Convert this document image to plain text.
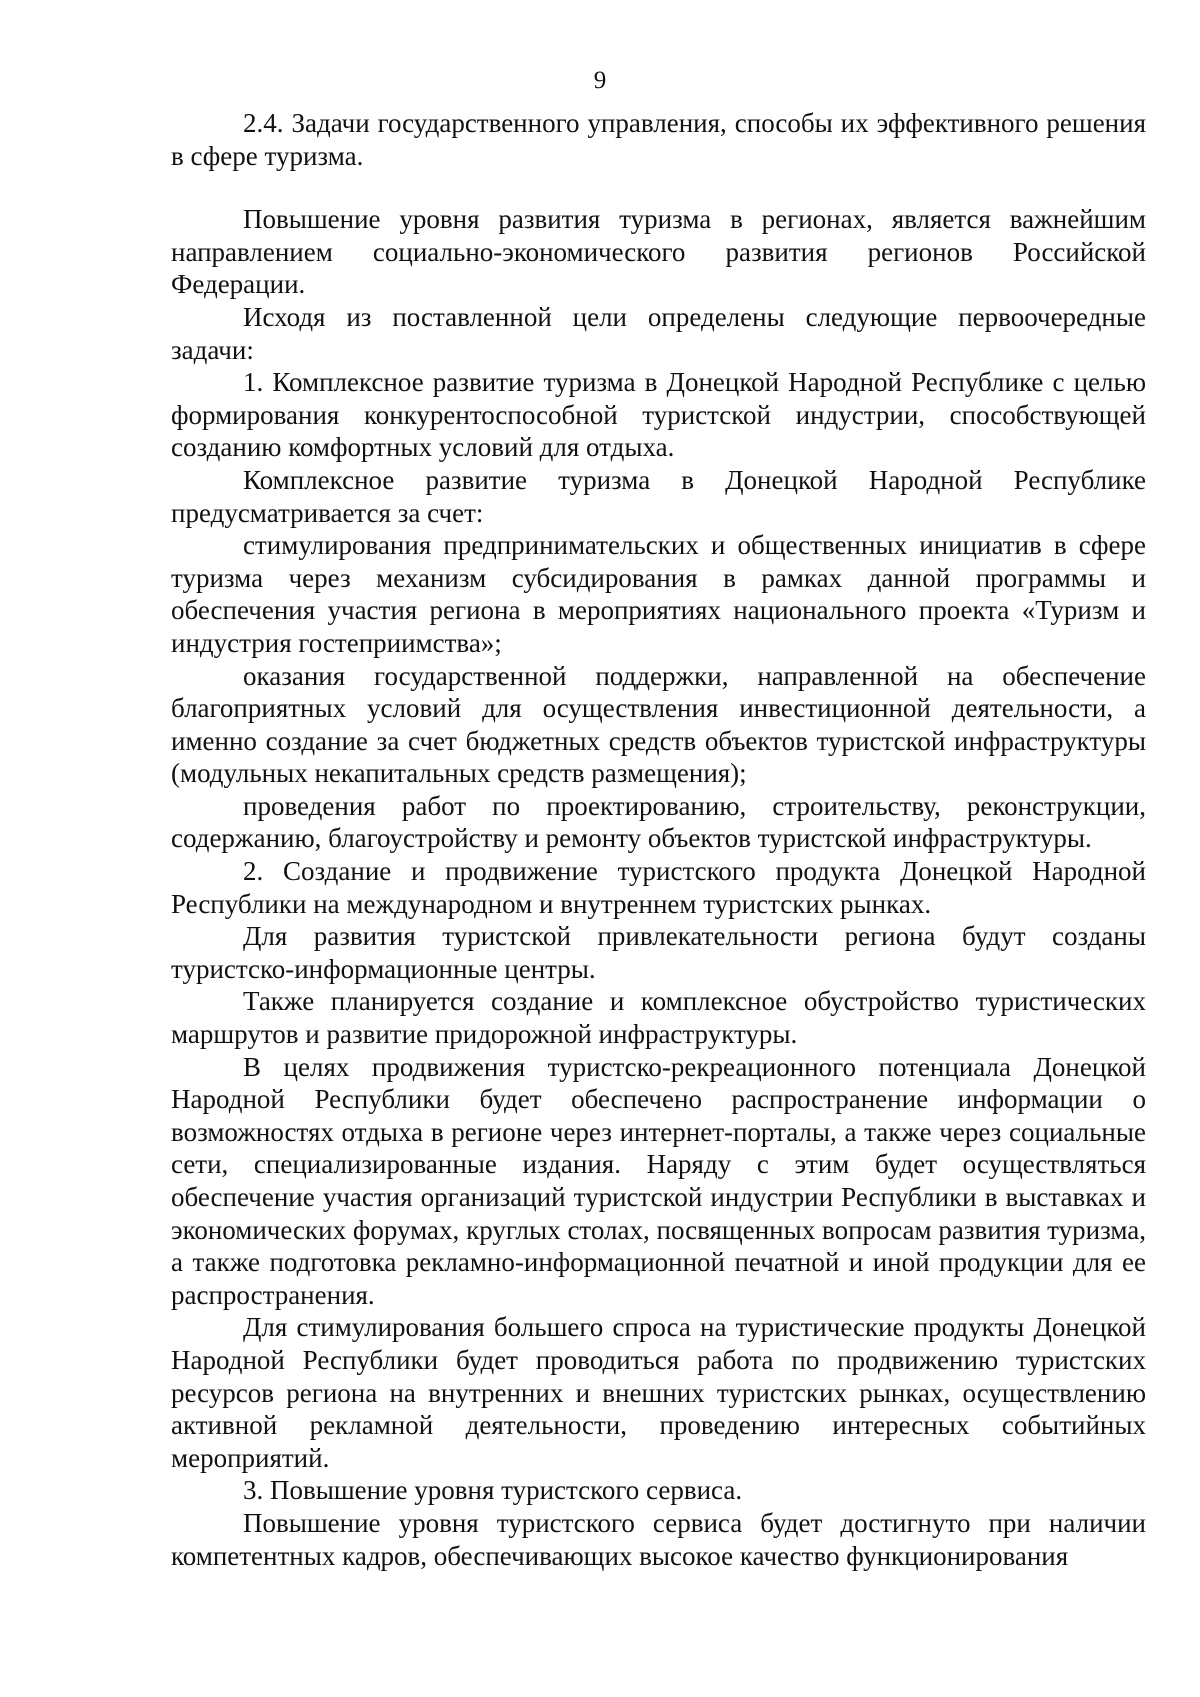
9

2.4. Задачи государственного управления, способы их эффективного решения в сфере туризма.

Повышение уровня развития туризма в регионах, является важнейшим направлением социально-экономического развития регионов Российской Федерации.

Исходя из поставленной цели определены следующие первоочередные задачи:

1. Комплексное развитие туризма в Донецкой Народной Республике с целью формирования конкурентоспособной туристской индустрии, способствующей созданию комфортных условий для отдыха.

Комплексное развитие туризма в Донецкой Народной Республике предусматривается за счет:

стимулирования предпринимательских и общественных инициатив в сфере туризма через механизм субсидирования в рамках данной программы и обеспечения участия региона в мероприятиях национального проекта «Туризм и индустрия гостеприимства»;

оказания государственной поддержки, направленной на обеспечение благоприятных условий для осуществления инвестиционной деятельности, а именно создание за счет бюджетных средств объектов туристской инфраструктуры (модульных некапитальных средств размещения);

проведения работ по проектированию, строительству, реконструкции, содержанию, благоустройству и ремонту объектов туристской инфраструктуры.

2. Создание и продвижение туристского продукта Донецкой Народной Республики на международном и внутреннем туристских рынках.

Для развития туристской привлекательности региона будут созданы туристско-информационные центры.

Также планируется создание и комплексное обустройство туристических маршрутов и развитие придорожной инфраструктуры.

В целях продвижения туристско-рекреационного потенциала Донецкой Народной Республики будет обеспечено распространение информации о возможностях отдыха в регионе через интернет-порталы, а также через социальные сети, специализированные издания. Наряду с этим будет осуществляться обеспечение участия организаций туристской индустрии Республики в выставках и экономических форумах, круглых столах, посвященных вопросам развития туризма, а также подготовка рекламно-информационной печатной и иной продукции для ее распространения.

Для стимулирования большего спроса на туристические продукты Донецкой Народной Республики будет проводиться работа по продвижению туристских ресурсов региона на внутренних и внешних туристских рынках, осуществлению активной рекламной деятельности, проведению интересных событийных мероприятий.

3. Повышение уровня туристского сервиса.

Повышение уровня туристского сервиса будет достигнуто при наличии компетентных кадров, обеспечивающих высокое качество функционирования
